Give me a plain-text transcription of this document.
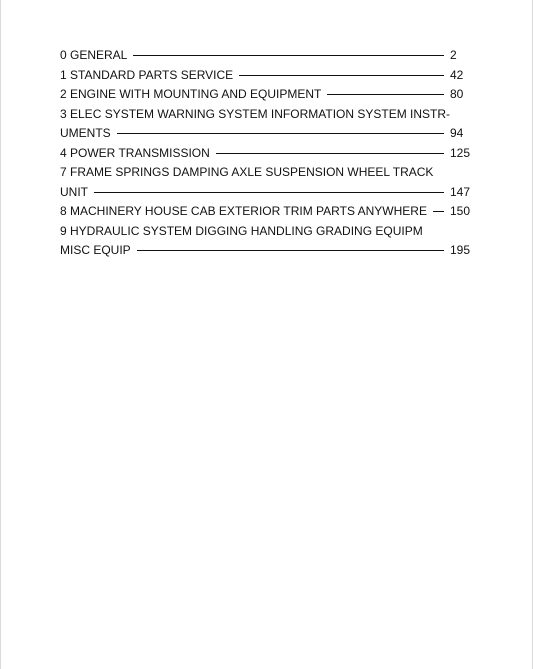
0 GENERAL	2
1 STANDARD PARTS SERVICE	42
2 ENGINE WITH MOUNTING AND EQUIPMENT	80
3 ELEC SYSTEM WARNING SYSTEM INFORMATION SYSTEM INSTR-
UMENTS	94
4 POWER TRANSMISSION	125
7 FRAME SPRINGS DAMPING AXLE SUSPENSION WHEEL TRACK
UNIT	147
8 MACHINERY HOUSE CAB EXTERIOR TRIM PARTS ANYWHERE	150
9 HYDRAULIC SYSTEM DIGGING HANDLING GRADING EQUIPM
MISC EQUIP	195
